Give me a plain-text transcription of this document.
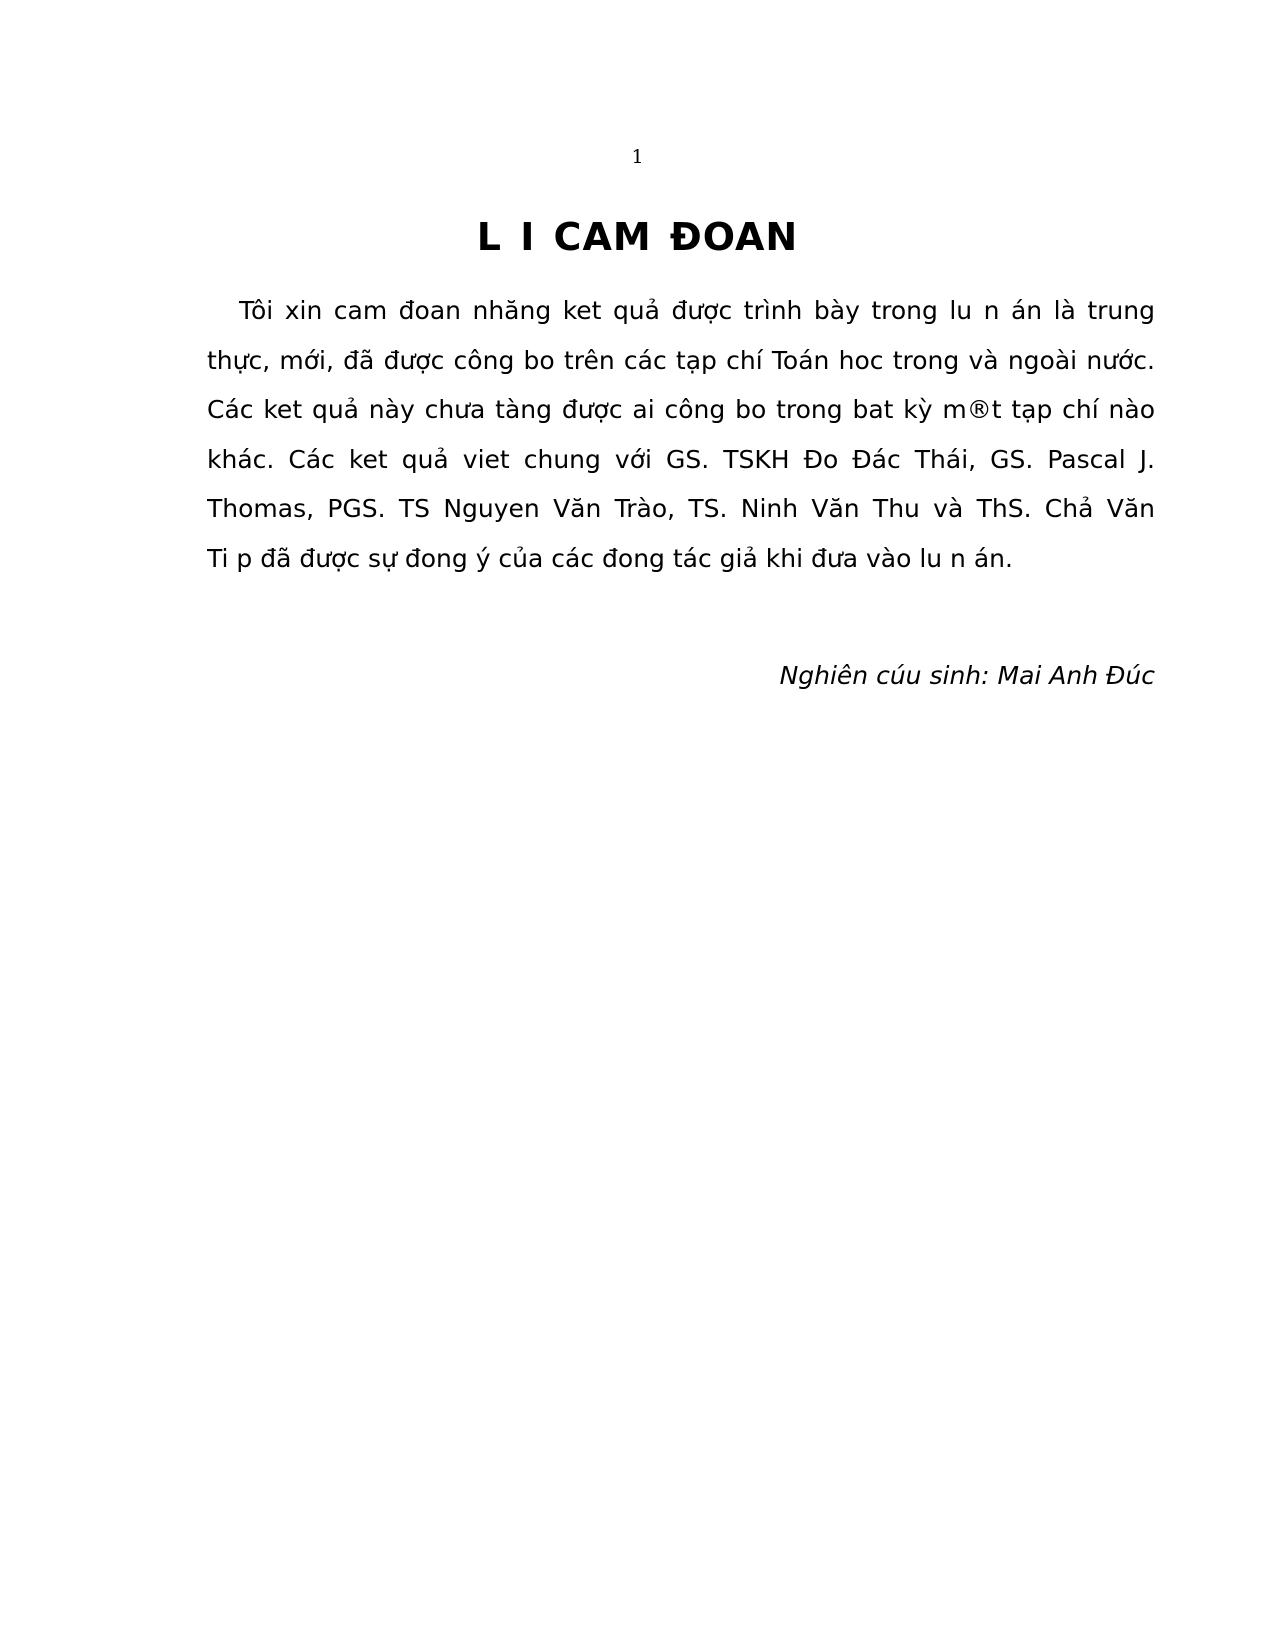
1
L I CAM ĐOAN
Tôi xin cam đoan nhăng ket quả được trình bày trong lu n án là trung
thực, mới, đã được công bo trên các tạp chí Toán hoc trong và ngoài nước.
Các ket quả này chưa tàng được ai công bo trong bat kỳ m®t tạp chí nào
khác. Các ket quả viet chung với GS. TSKH Đo Đác Thái, GS. Pascal J.
Thomas, PGS. TS Nguyen Văn Trào, TS. Ninh Văn Thu và ThS. Chả Văn
Ti p đã được sự đong ý của các đong tác giả khi đưa vào lu n án.
Nghiên cúu sinh: Mai Anh Đúc
